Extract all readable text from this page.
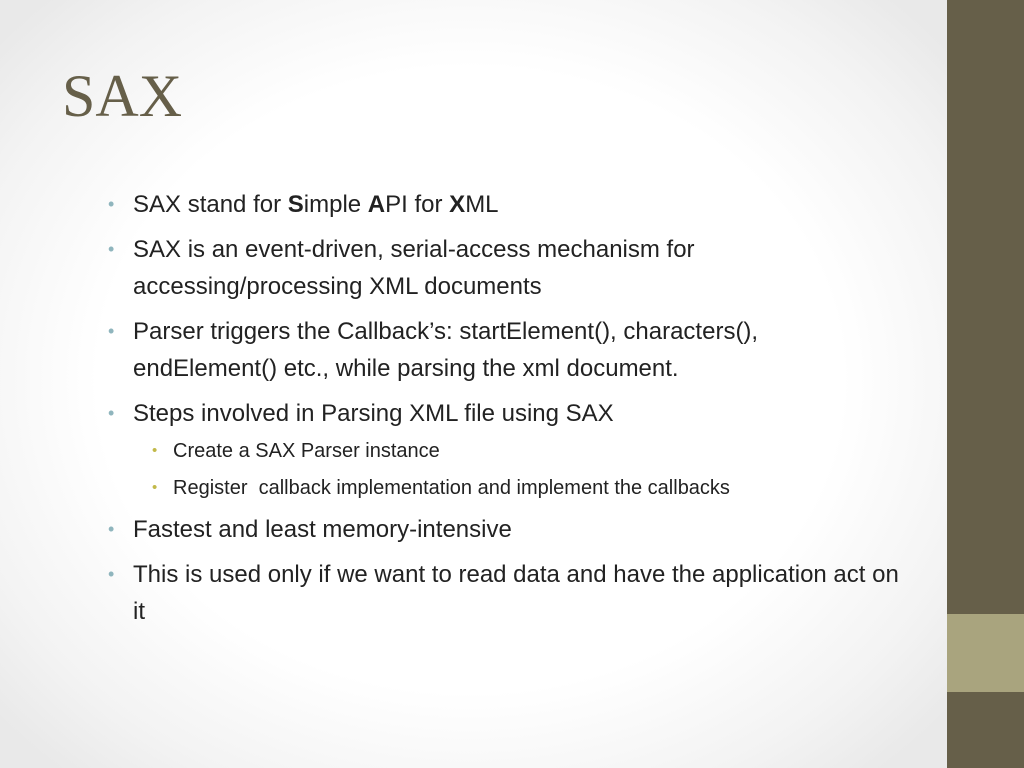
SAX
• SAX stand for Simple API for XML
• SAX is an event-driven, serial-access mechanism for accessing/processing XML documents
• Parser triggers the Callback’s: startElement(), characters(), endElement() etc., while parsing the xml document.
• Steps involved in Parsing XML file using SAX
• Create a SAX Parser instance
• Register  callback implementation and implement the callbacks
• Fastest and least memory-intensive
• This is used only if we want to read data and have the application act on it
